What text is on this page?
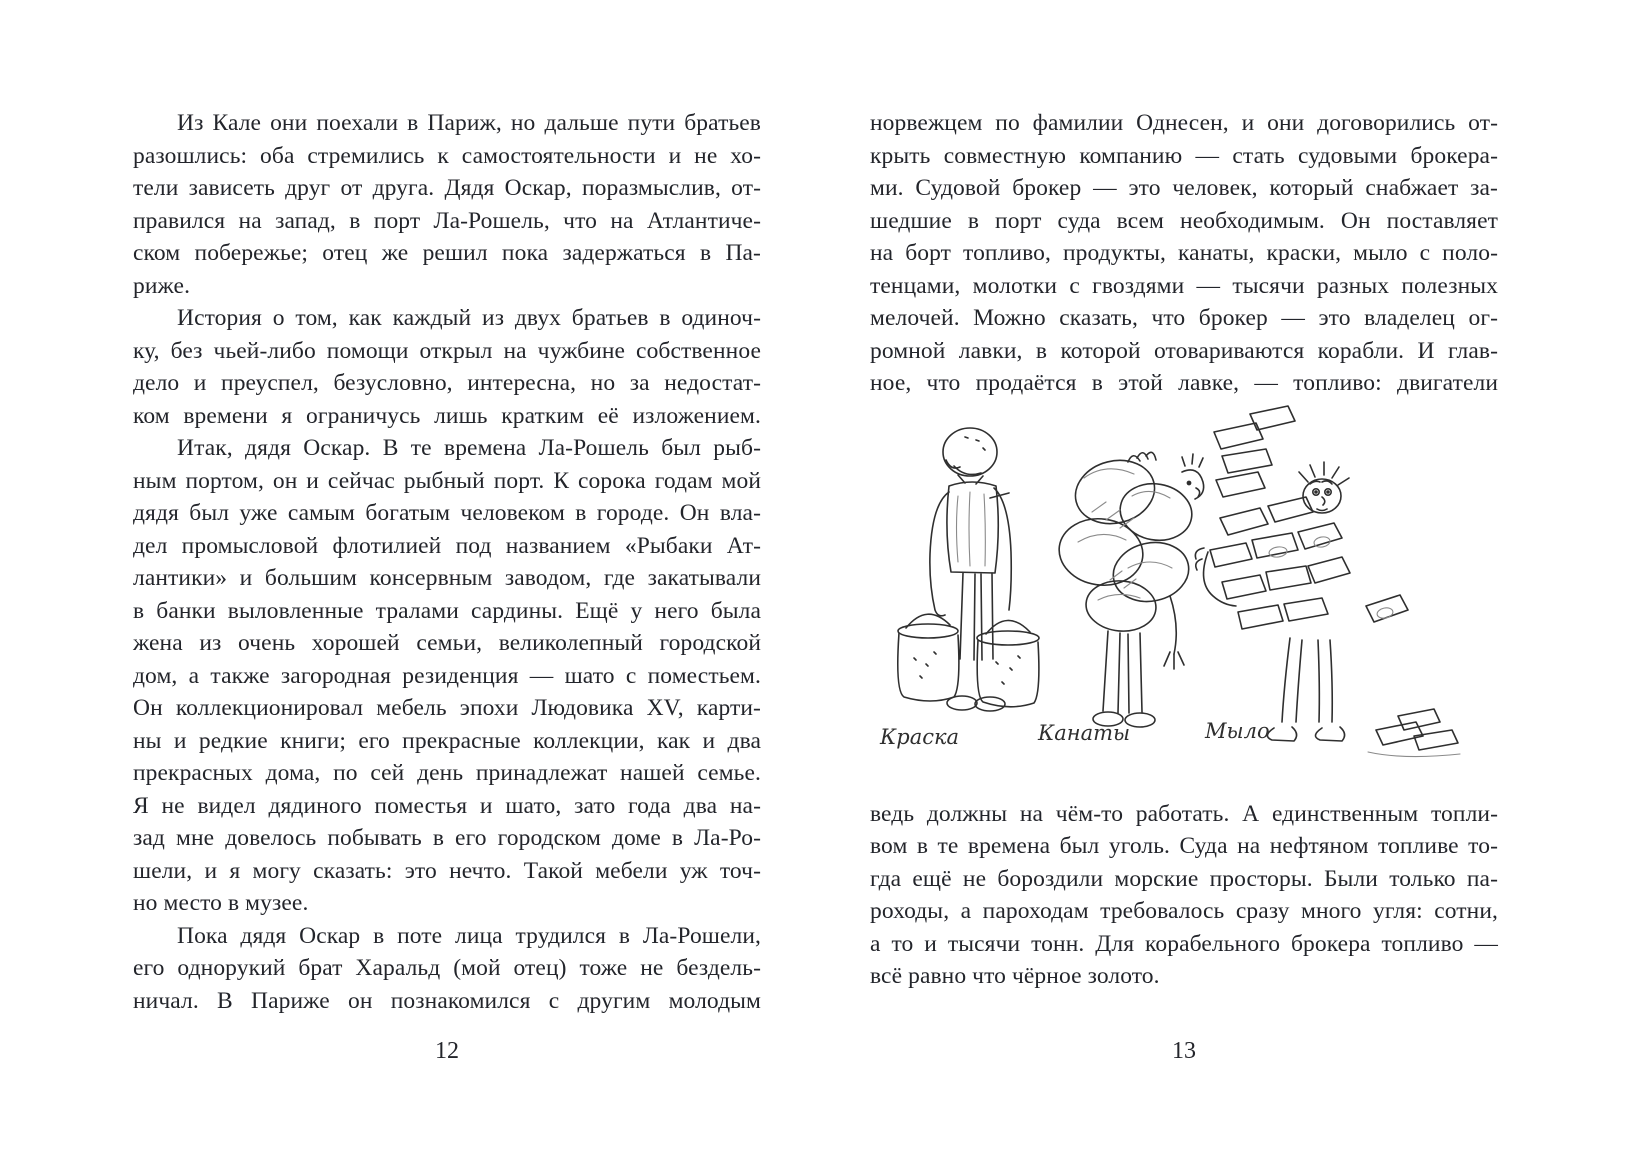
Из Кале они поехали в Париж, но дальше пути братьев
разошлись: оба стремились к самостоятельности и не хо-
тели зависеть друг от друга. Дядя Оскар, поразмыслив, от-
правился на запад, в порт Ла-Рошель, что на Атлантиче-
ском побережье; отец же решил пока задержаться в Па-
риже.
История о том, как каждый из двух братьев в одиноч-
ку, без чьей-либо помощи открыл на чужбине собственное
дело и преуспел, безусловно, интересна, но за недостат-
ком времени я ограничусь лишь кратким её изложением.
Итак, дядя Оскар. В те времена Ла-Рошель был рыб-
ным портом, он и сейчас рыбный порт. К сорока годам мой
дядя был уже самым богатым человеком в городе. Он вла-
дел промысловой флотилией под названием «Рыбаки Ат-
лантики» и большим консервным заводом, где закатывали
в банки выловленные тралами сардины. Ещё у него была
жена из очень хорошей семьи, великолепный городской
дом, а также загородная резиденция — шато с поместьем.
Он коллекционировал мебель эпохи Людовика XV, карти-
ны и редкие книги; его прекрасные коллекции, как и два
прекрасных дома, по сей день принадлежат нашей семье.
Я не видел дядиного поместья и шато, зато года два на-
зад мне довелось побывать в его городском доме в Ла-Ро-
шели, и я могу сказать: это нечто. Такой мебели уж точ-
но место в музее.
Пока дядя Оскар в поте лица трудился в Ла-Рошели,
его однорукий брат Харальд (мой отец) тоже не бездель-
ничал. В Париже он познакомился с другим молодым
12
норвежцем по фамилии Однесен, и они договорились от-
крыть совместную компанию — стать судовыми брокера-
ми. Судовой брокер — это человек, который снабжает за-
шедшие в порт суда всем необходимым. Он поставляет
на борт топливо, продукты, канаты, краски, мыло с поло-
тенцами, молотки с гвоздями — тысячи разных полезных
мелочей. Можно сказать, что брокер — это владелец ог-
ромной лавки, в которой отовариваются корабли. И глав-
ное, что продаётся в этой лавке, — топливо: двигатели
Краска	Канаты	Мыло
ведь должны на чём-то работать. А единственным топли-
вом в те времена был уголь. Суда на нефтяном топливе то-
гда ещё не бороздили морские просторы. Были только па-
роходы, а пароходам требовалось сразу много угля: сотни,
а то и тысячи тонн. Для корабельного брокера топливо —
всё равно что чёрное золото.
13
